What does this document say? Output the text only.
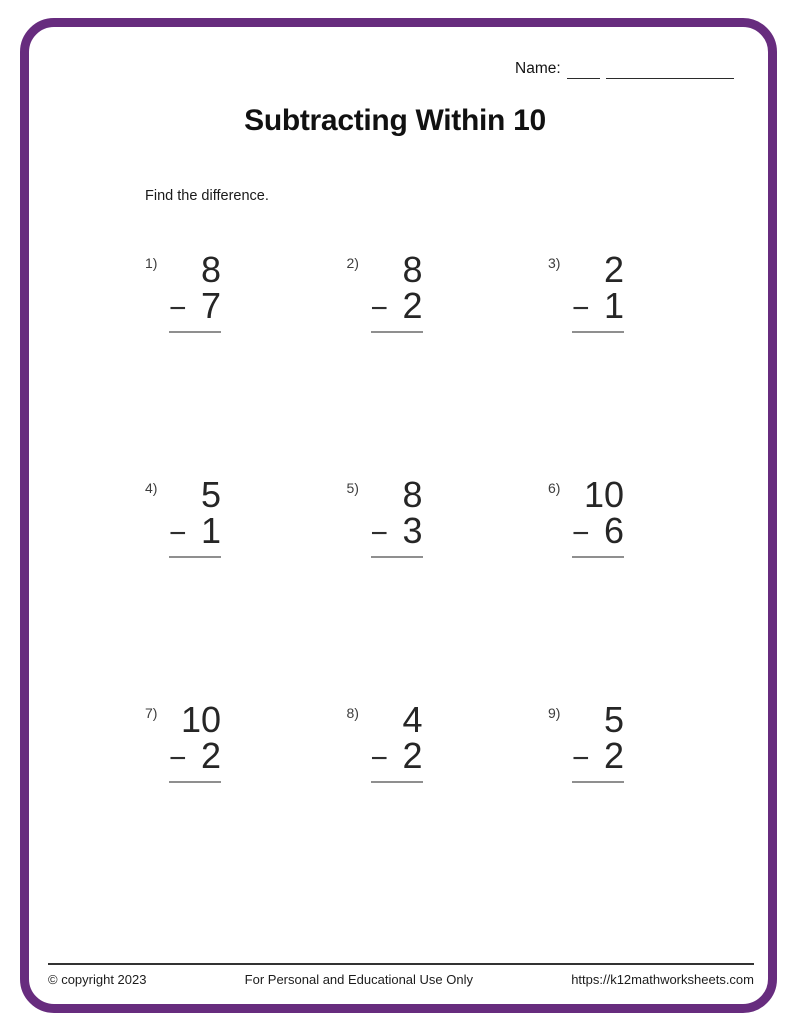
Name:
Subtracting Within 10
Find the difference.
1)	8
− 7
2)	8
− 2
3)	2
− 1
4)	5
− 1
5)	8
− 3
6) 10
− 6
7) 10
− 2
8)	4
− 2
9)	5
− 2
© copyright 2023	For Personal and Educational Use Only	https://k12mathworksheets.com
